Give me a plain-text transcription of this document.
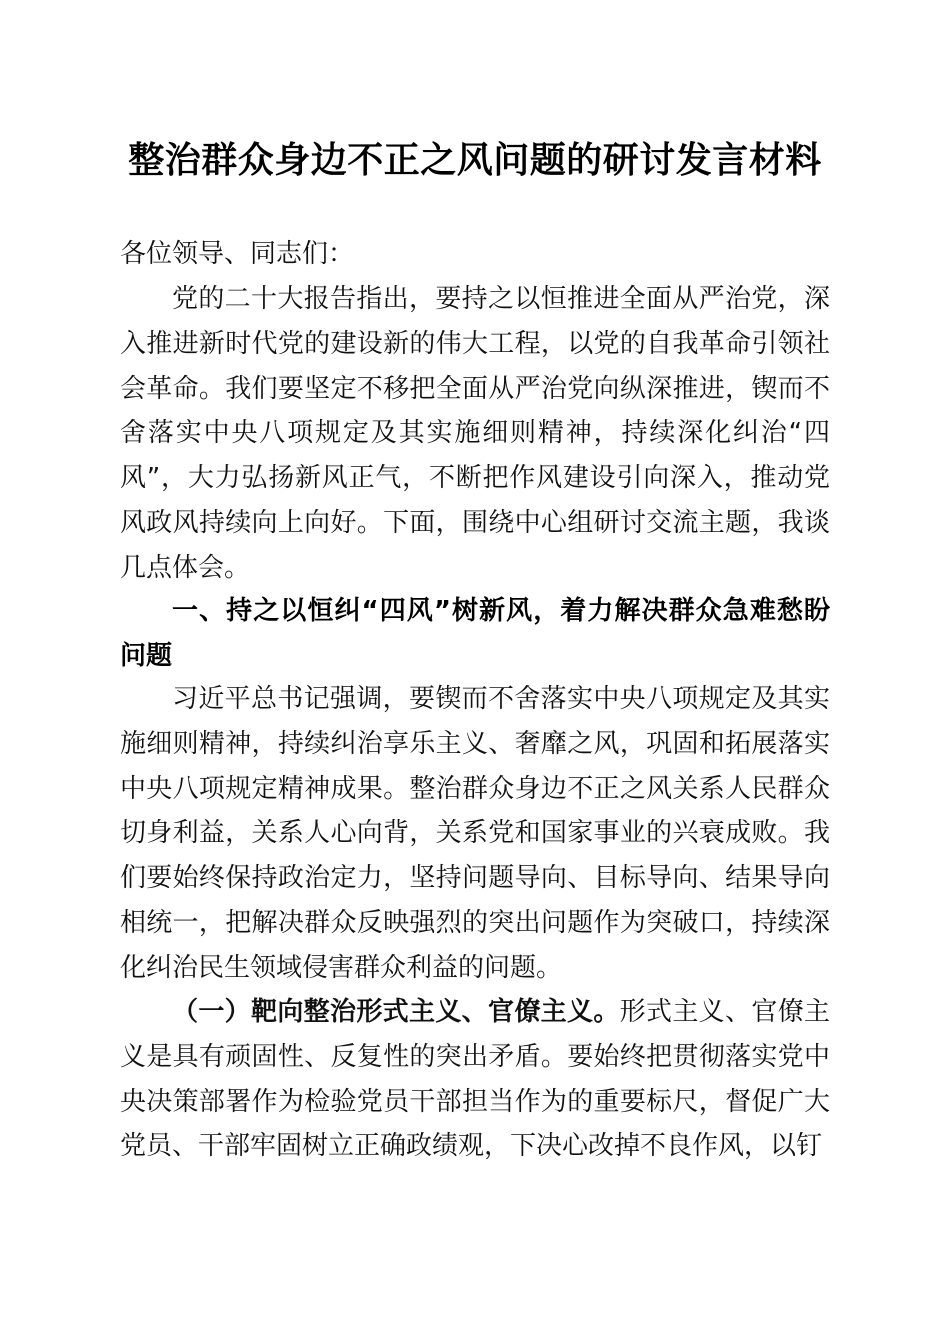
整治群众身边不正之风问题的研讨发言材料
各位领导、同志们：
党的二十大报告指出，要持之以恒推进全面从严治党，深入推进新时代党的建设新的伟大工程，以党的自我革命引领社会革命。我们要坚定不移把全面从严治党向纵深推进，锲而不舍落实中央八项规定及其实施细则精神，持续深化纠治“四风”，大力弘扬新风正气，不断把作风建设引向深入，推动党风政风持续向上向好。下面，围绕中心组研讨交流主题，我谈几点体会。
一、持之以恒纠“四风”树新风，着力解决群众急难愁盼问题
习近平总书记强调，要锲而不舍落实中央八项规定及其实施细则精神，持续纠治享乐主义、奢靡之风，巩固和拓展落实中央八项规定精神成果。整治群众身边不正之风关系人民群众切身利益，关系人心向背，关系党和国家事业的兴衰成败。我们要始终保持政治定力，坚持问题导向、目标导向、结果导向相统一，把解决群众反映强烈的突出问题作为突破口，持续深化纠治民生领域侵害群众利益的问题。
（一）靶向整治形式主义、官僚主义。形式主义、官僚主义是具有顽固性、反复性的突出矛盾。要始终把贯彻落实党中央决策部署作为检验党员干部担当作为的重要标尺，督促广大党员、干部牢固树立正确政绩观，下决心改掉不良作风，以钉
